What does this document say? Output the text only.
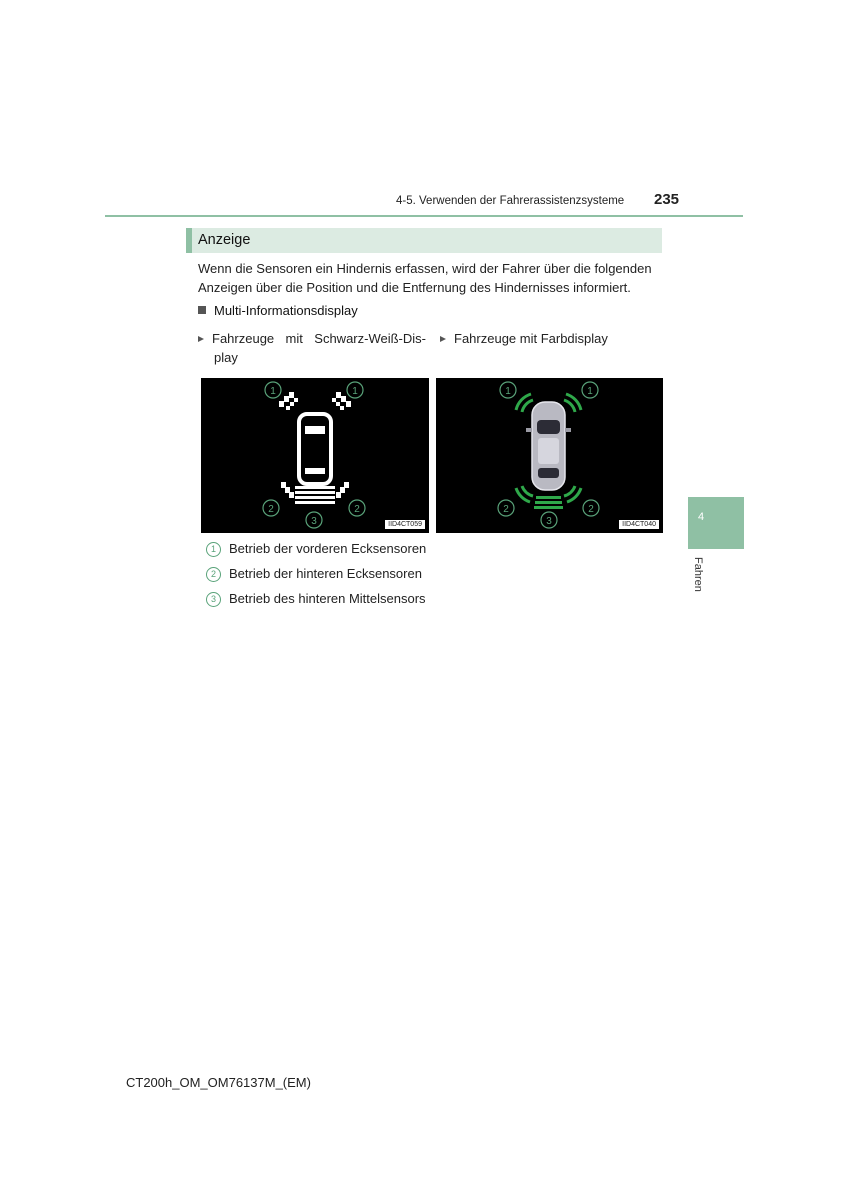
4-5. Verwenden der Fahrerassistenzsysteme 235
4
Fahren
Anzeige
Wenn die Sensoren ein Hindernis erfassen, wird der Fahrer über die folgenden Anzeigen über die Position und die Entfernung des Hindernisses informiert.
Multi-Informationsdisplay
Fahrzeuge mit Schwarz-Weiß-Dis-
play
Fahrzeuge mit Farbdisplay
1	1
2	2
3	IID4CT059
1	1
2	2
3	IID4CT040
1 Betrieb der vorderen Ecksensoren
2 Betrieb der hinteren Ecksensoren
3 Betrieb des hinteren Mittelsensors
CT200h_OM_OM76137M_(EM)
